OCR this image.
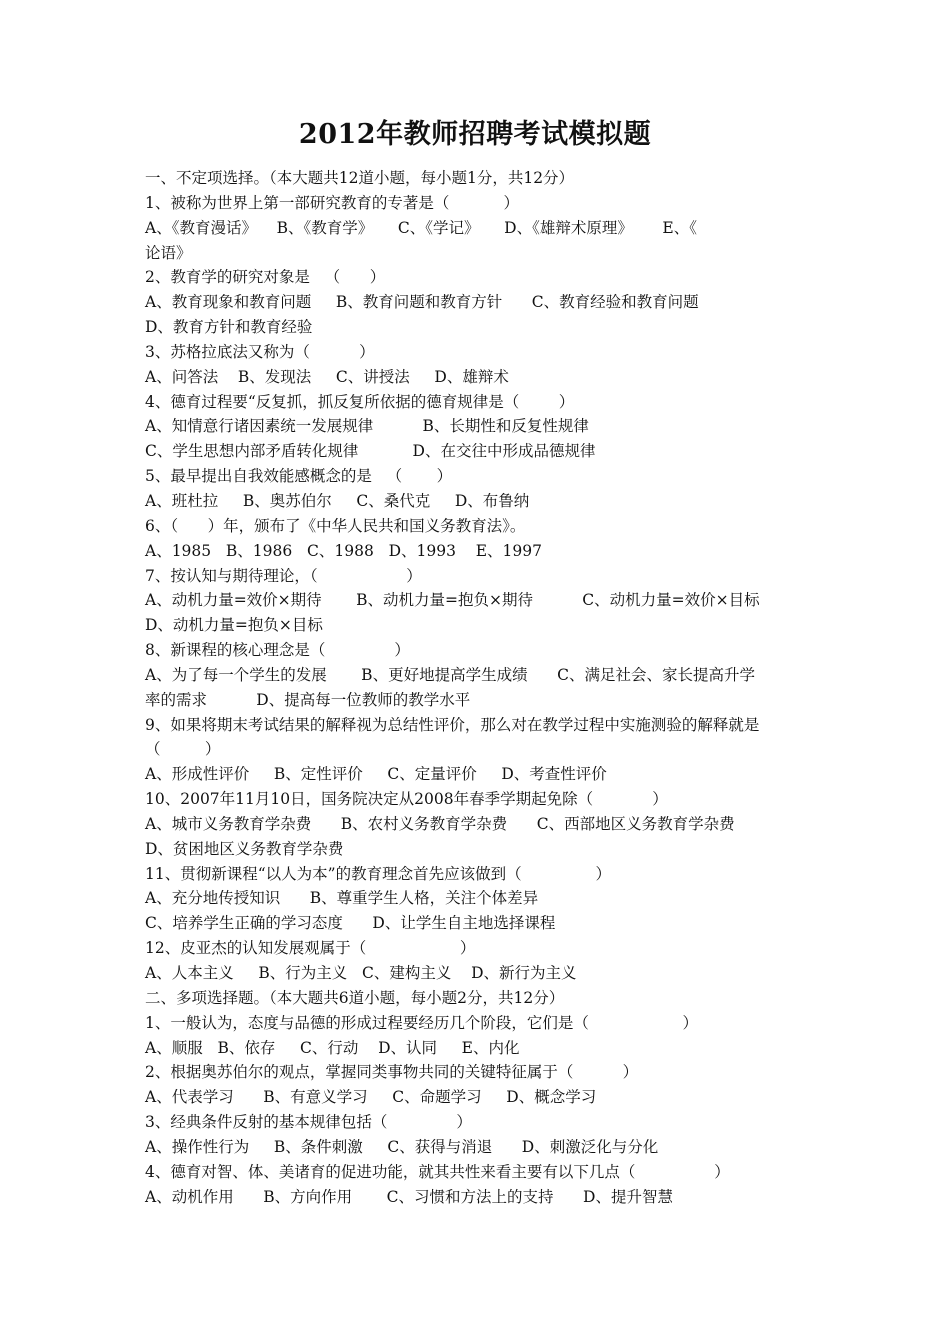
2012年教师招聘考试模拟题
一、不定项选择。（本大题共12道小题，每小题1分，共12分）
1、被称为世界上第一部研究教育的专著是（           ）
A、《教育漫话》    B、《教育学》     C、《学记》     D、《雄辩术原理》      E、《
论语》
2、教育学的研究对象是   （      ）
A、教育现象和教育问题     B、教育问题和教育方针      C、教育经验和教育问题
D、教育方针和教育经验
3、苏格拉底法又称为（          ）
A、问答法    B、发现法     C、讲授法     D、雄辩术
4、德育过程要“反复抓，抓反复所依据的德育规律是（        ）
A、知情意行诸因素统一发展规律          B、长期性和反复性规律
C、学生思想内部矛盾转化规律           D、在交往中形成品德规律
5、最早提出自我效能感概念的是   （       ）
A、班杜拉     B、奥苏伯尔     C、桑代克     D、布鲁纳
6、（      ）年，颁布了《中华人民共和国义务教育法》。
A、1985   B、1986   C、1988   D、1993    E、1997
7、按认知与期待理论，（                  ）
A、动机力量=效价×期待       B、动机力量=抱负×期待          C、动机力量=效价×目标
D、动机力量=抱负×目标
8、新课程的核心理念是（              ）
A、为了每一个学生的发展       B、更好地提高学生成绩      C、满足社会、家长提高升学
率的需求          D、提高每一位教师的教学水平
9、如果将期末考试结果的解释视为总结性评价，那么对在教学过程中实施测验的解释就是
（         ）
A、形成性评价     B、定性评价     C、定量评价     D、考查性评价
10、2007年11月10日，国务院决定从2008年春季学期起免除（            ）
A、城市义务教育学杂费      B、农村义务教育学杂费      C、西部地区义务教育学杂费
D、贫困地区义务教育学杂费
11、贯彻新课程“以人为本”的教育理念首先应该做到（               ）
A、充分地传授知识      B、尊重学生人格，关注个体差异
C、培养学生正确的学习态度      D、让学生自主地选择课程
12、皮亚杰的认知发展观属于（                   ）
A、人本主义     B、行为主义   C、建构主义    D、新行为主义
二、多项选择题。（本大题共6道小题，每小题2分，共12分）
1、一般认为，态度与品德的形成过程要经历几个阶段，它们是（                   ）
A、顺服   B、依存     C、行动    D、认同     E、内化
2、根据奥苏伯尔的观点，掌握同类事物共同的关键特征属于（          ）
A、代表学习      B、有意义学习     C、命题学习     D、概念学习
3、经典条件反射的基本规律包括（              ）
A、操作性行为     B、条件刺激     C、获得与消退      D、刺激泛化与分化
4、德育对智、体、美诸育的促进功能，就其共性来看主要有以下几点（                ）
A、动机作用      B、方向作用       C、习惯和方法上的支持      D、提升智慧
